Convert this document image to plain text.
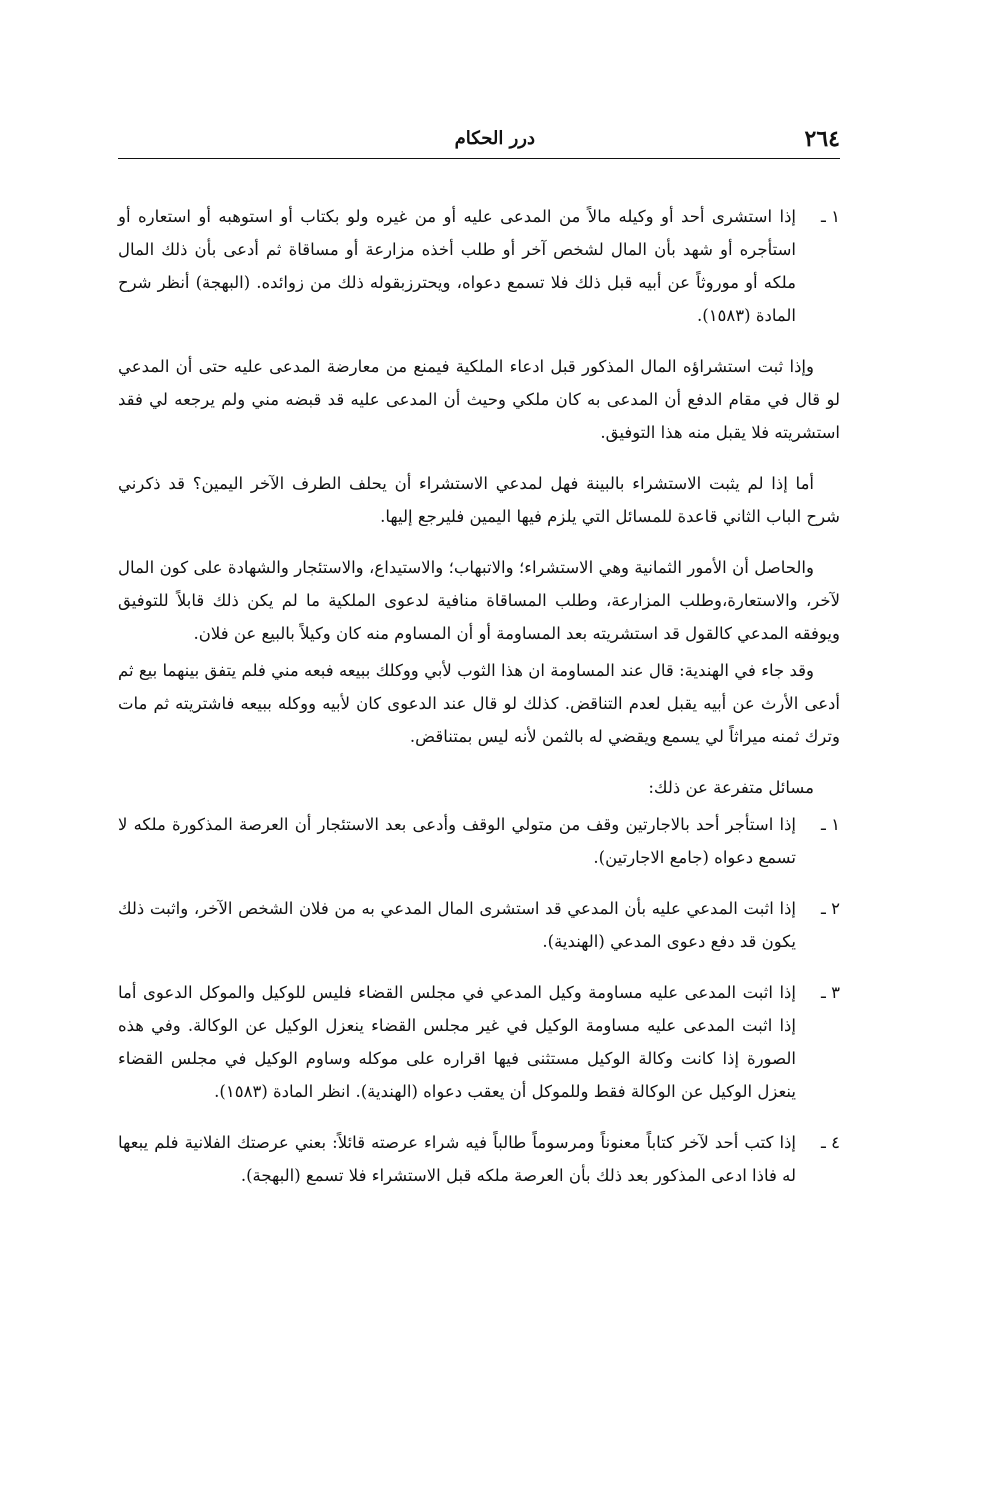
٢٦٤
درر الحكام
١ ـ
إذا استشرى أحد أو وكيله مالاً من المدعى عليه أو من غيره ولو بكتاب أو استوهبه أو استعاره أو استأجره أو شهد بأن المال لشخص آخر أو طلب أخذه مزارعة أو مساقاة ثم أدعى بأن ذلك المال ملكه أو موروثاً عن أبيه قبل ذلك فلا تسمع دعواه، ويحترزبقوله ذلك من زوائده. (البهجة) أنظر شرح المادة (١٥٨٣).
وإذا ثبت استشراؤه المال المذكور قبل ادعاء الملكية فيمنع من معارضة المدعى عليه حتى أن المدعي لو قال في مقام الدفع أن المدعى به كان ملكي وحيث أن المدعى عليه قد قبضه مني ولم يرجعه لي فقد استشريته فلا يقبل منه هذا التوفيق.
أما إذا لم يثبت الاستشراء بالبينة فهل لمدعي الاستشراء أن يحلف الطرف الآخر اليمين؟ قد ذكرني شرح الباب الثاني قاعدة للمسائل التي يلزم فيها اليمين فليرجع إليها.
والحاصل أن الأمور الثمانية وهي الاستشراء؛ والاتبهاب؛ والاستيداع، والاستئجار والشهادة على كون المال لآخر، والاستعارة،وطلب المزارعة، وطلب المساقاة منافية لدعوى الملكية ما لم يكن ذلك قابلاً للتوفيق ويوفقه المدعي كالقول قد استشريته بعد المساومة أو أن المساوم منه كان وكيلاً بالبيع عن فلان.
وقد جاء في الهندية: قال عند المساومة ان هذا الثوب لأبي ووكلك ببيعه فبعه مني فلم يتفق بينهما بيع ثم أدعى الأرث عن أبيه يقبل لعدم التناقض. كذلك لو قال عند الدعوى كان لأبيه ووكله ببيعه فاشتريته ثم مات وترك ثمنه ميراثاً لي يسمع ويقضي له بالثمن لأنه ليس بمتناقض.
مسائل متفرعة عن ذلك:
١ ـ
إذا استأجر أحد بالاجارتين وقف من متولي الوقف وأدعى بعد الاستئجار أن العرصة المذكورة ملكه لا تسمع دعواه (جامع الاجارتين).
٢ ـ
إذا اثبت المدعي عليه بأن المدعي قد استشرى المال المدعي به من فلان الشخص الآخر، واثبت ذلك يكون قد دفع دعوى المدعي (الهندية).
٣ ـ
إذا اثبت المدعى عليه مساومة وكيل المدعي في مجلس القضاء فليس للوكيل والموكل الدعوى أما إذا اثبت المدعى عليه مساومة الوكيل في غير مجلس القضاء ينعزل الوكيل عن الوكالة. وفي هذه الصورة إذا كانت وكالة الوكيل مستثنى فيها اقراره على موكله وساوم الوكيل في مجلس القضاء ينعزل الوكيل عن الوكالة فقط وللموكل أن يعقب دعواه (الهندية). انظر المادة (١٥٨٣).
٤ ـ
إذا كتب أحد لآخر كتاباً معنوناً ومرسوماً طالباً فيه شراء عرصته قائلاً: بعني عرصتك الفلانية فلم يبعها له فاذا ادعى المذكور بعد ذلك بأن العرصة ملكه قبل الاستشراء فلا تسمع (البهجة).
